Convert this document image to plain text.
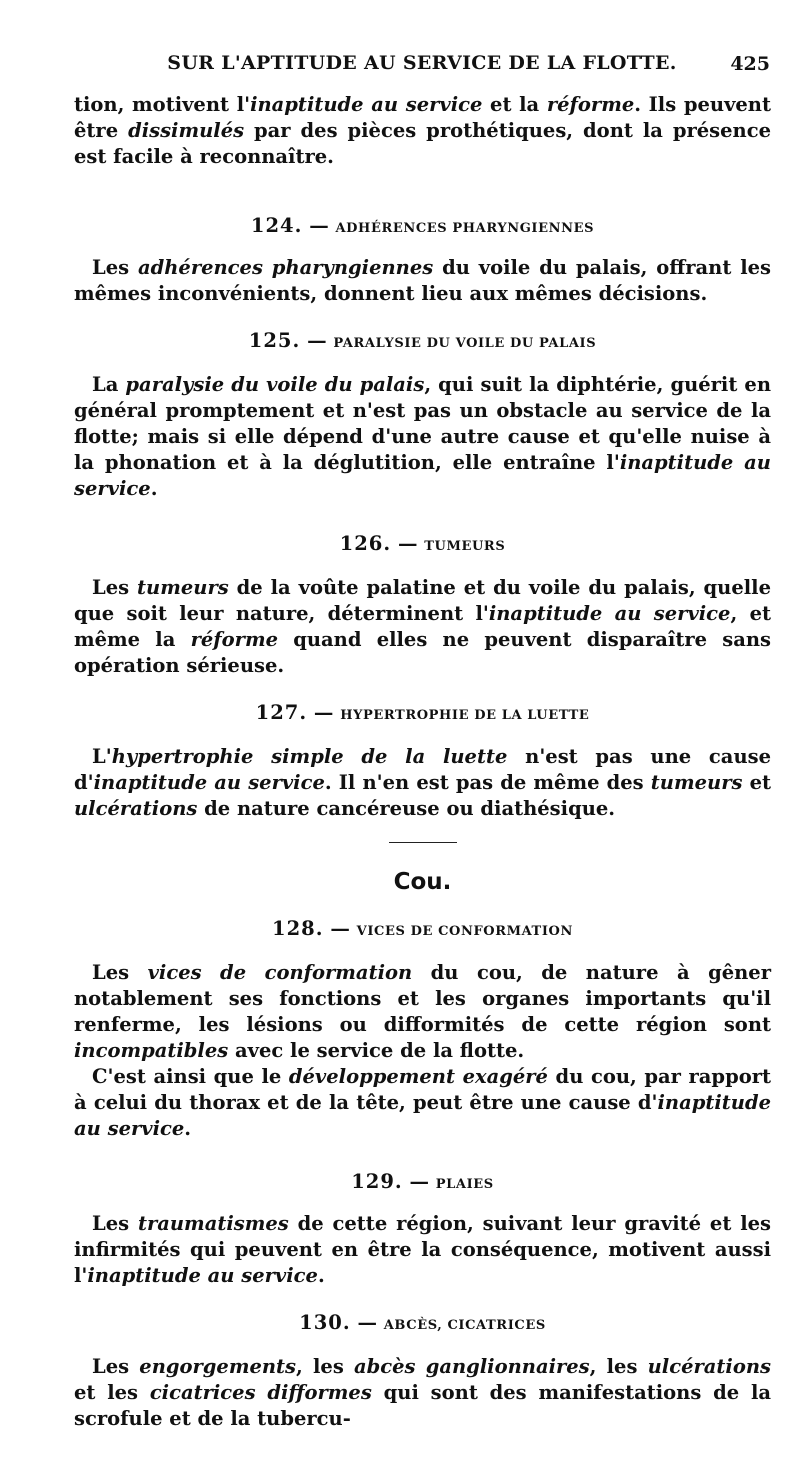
SUR L'APTITUDE AU SERVICE DE LA FLOTTE.	425

tion, motivent l'inaptitude au service et la réforme. Ils peuvent être dissimulés par des pièces prothétiques, dont la présence est facile à reconnaître.

124. — ADHÉRENCES PHARYNGIENNES

Les adhérences pharyngiennes du voile du palais, offrant les mêmes inconvénients, donnent lieu aux mêmes décisions.

125. — PARALYSIE DU VOILE DU PALAIS

La paralysie du voile du palais, qui suit la diphtérie, guérit en général promptement et n'est pas un obstacle au service de la flotte; mais si elle dépend d'une autre cause et qu'elle nuise à la phonation et à la déglutition, elle entraîne l'inaptitude au service.

126. — TUMEURS

Les tumeurs de la voûte palatine et du voile du palais, quelle que soit leur nature, déterminent l'inaptitude au service, et même la réforme quand elles ne peuvent disparaître sans opération sérieuse.

127. — HYPERTROPHIE DE LA LUETTE

L'hypertrophie simple de la luette n'est pas une cause d'inaptitude au service. Il n'en est pas de même des tumeurs et ulcérations de nature cancéreuse ou diathésique.

Cou.
128. — VICES DE CONFORMATION

Les vices de conformation du cou, de nature à gêner notablement ses fonctions et les organes importants qu'il renferme, les lésions ou difformités de cette région sont incompatibles avec le service de la flotte.

C'est ainsi que le développement exagéré du cou, par rapport à celui du thorax et de la tête, peut être une cause d'inaptitude au service.

129. — PLAIES

Les traumatismes de cette région, suivant leur gravité et les infirmités qui peuvent en être la conséquence, motivent aussi l'inaptitude au service.

130. — ABCÈS, CICATRICES

Les engorgements, les abcès ganglionnaires, les ulcérations et les cicatrices difformes qui sont des manifestations de la scrofule et de la tubercu-
